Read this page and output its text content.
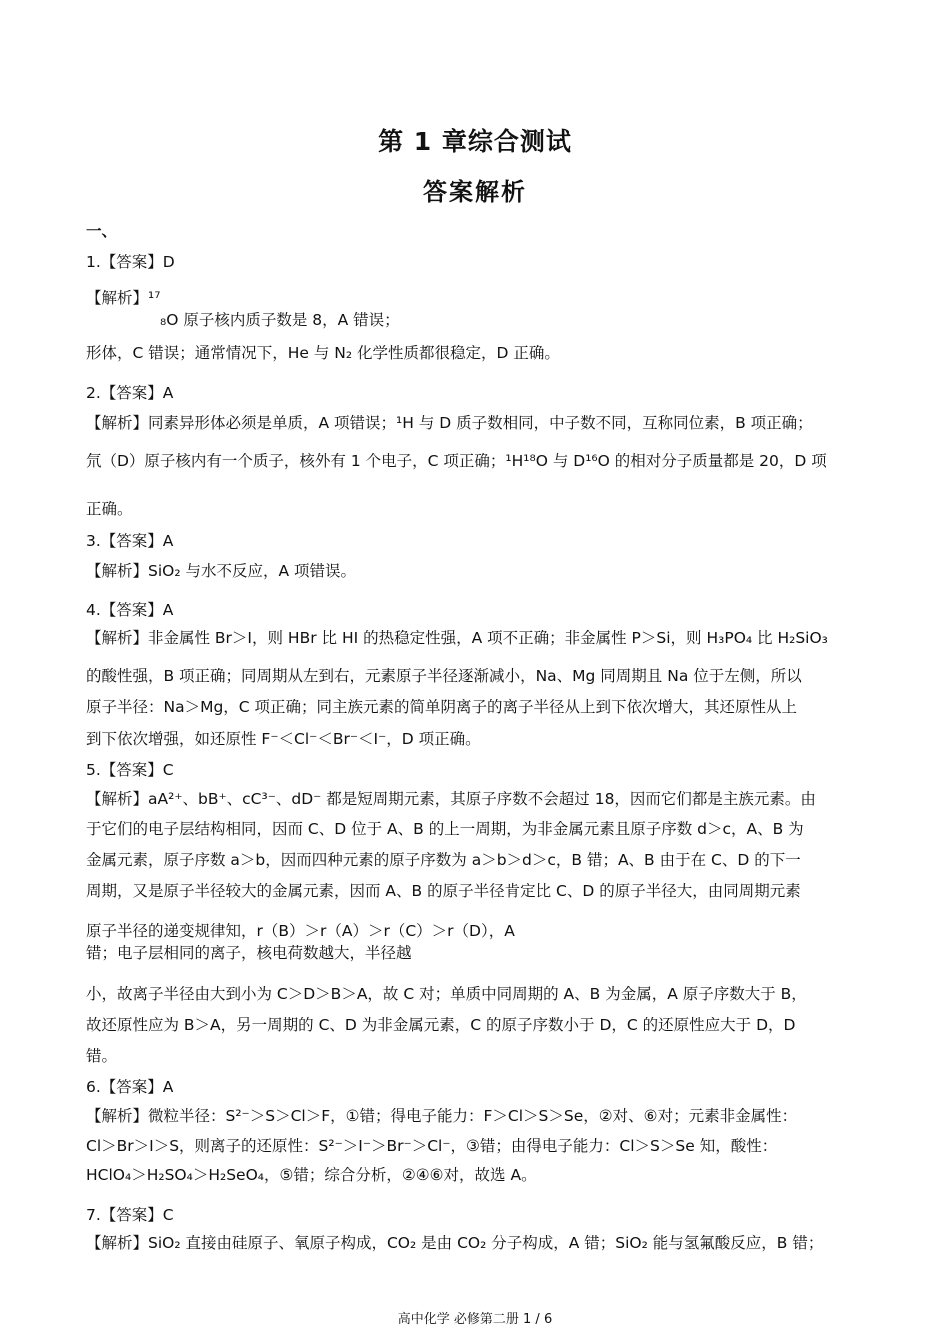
第 1 章综合测试
答案解析
一、
1.【答案】D
【解析】¹⁷
₈O 原子核内质子数是 8，A 错误；
形体，C 错误；通常情况下，He 与 N₂ 化学性质都很稳定，D 正确。
2.【答案】A
【解析】同素异形体必须是单质，A 项错误；¹H 与 D 质子数相同，中子数不同，互称同位素，B 项正确；
氘（D）原子核内有一个质子，核外有 1 个电子，C 项正确；¹H¹⁸O 与 D¹⁶O 的相对分子质量都是 20，D 项
正确。
3.【答案】A
【解析】SiO₂ 与水不反应，A 项错误。
4.【答案】A
【解析】非金属性 Br＞I，则 HBr 比 HI 的热稳定性强，A 项不正确；非金属性 P＞Si，则 H₃PO₄ 比 H₂SiO₃
的酸性强，B 项正确；同周期从左到右，元素原子半径逐渐减小，Na、Mg 同周期且 Na 位于左侧，所以
原子半径：Na＞Mg，C 项正确；同主族元素的简单阴离子的离子半径从上到下依次增大，其还原性从上
到下依次增强，如还原性 F⁻＜Cl⁻＜Br⁻＜I⁻，D 项正确。
5.【答案】C
【解析】aA²⁺、bB⁺、cC³⁻、dD⁻ 都是短周期元素，其原子序数不会超过 18，因而它们都是主族元素。由
于它们的电子层结构相同，因而 C、D 位于 A、B 的上一周期，为非金属元素且原子序数 d＞c，A、B 为
金属元素，原子序数 a＞b，因而四种元素的原子序数为 a＞b＞d＞c，B 错；A、B 由于在 C、D 的下一
周期，又是原子半径较大的金属元素，因而 A、B 的原子半径肯定比 C、D 的原子半径大，由同周期元素
原子半径的递变规律知，r（B）＞r（A）＞r（C）＞r（D），A
错；电子层相同的离子，核电荷数越大，半径越
小，故离子半径由大到小为 C＞D＞B＞A，故 C 对；单质中同周期的 A、B 为金属，A 原子序数大于 B，
故还原性应为 B＞A，另一周期的 C、D 为非金属元素，C 的原子序数小于 D，C 的还原性应大于 D，D
错。
6.【答案】A
【解析】微粒半径：S²⁻＞S＞Cl＞F，①错；得电子能力：F＞Cl＞S＞Se，②对、⑥对；元素非金属性：
Cl＞Br＞I＞S，则离子的还原性：S²⁻＞I⁻＞Br⁻＞Cl⁻，③错；由得电子能力：Cl＞S＞Se 知，酸性：
HClO₄＞H₂SO₄＞H₂SeO₄，⑤错；综合分析，②④⑥对，故选 A。
7.【答案】C
【解析】SiO₂ 直接由硅原子、氧原子构成，CO₂ 是由 CO₂ 分子构成，A 错；SiO₂ 能与氢氟酸反应，B 错；
高中化学 必修第二册 1 / 6
